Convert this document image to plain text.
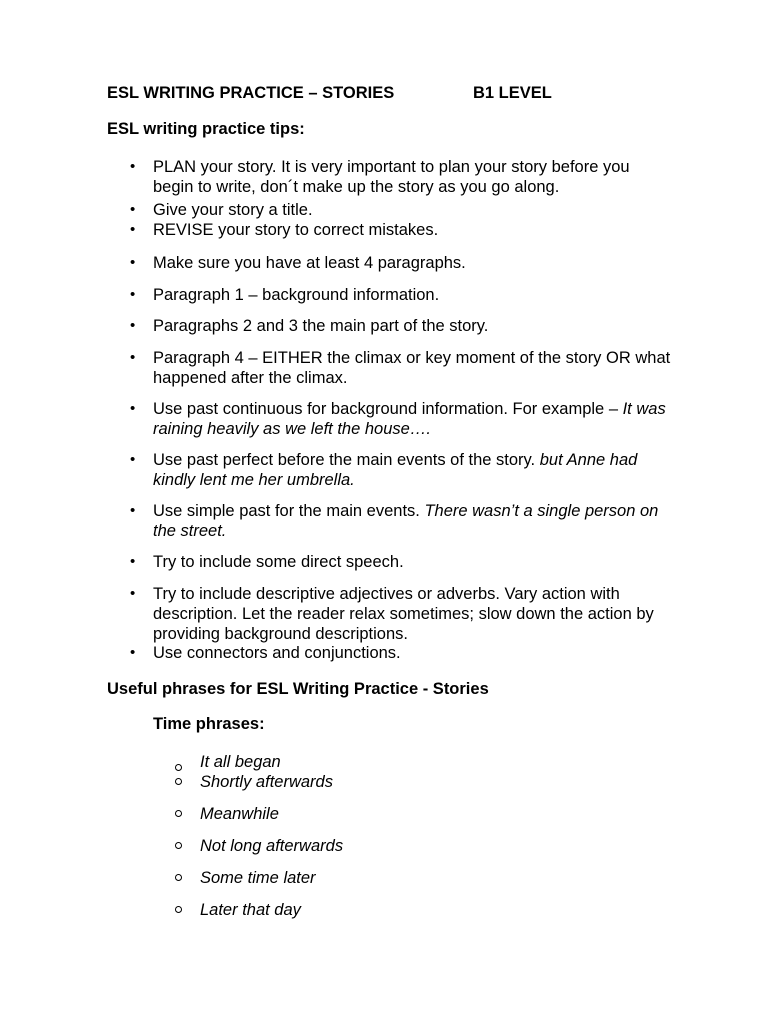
ESL WRITING PRACTICE – STORIES	B1 LEVEL
ESL writing practice tips:
• PLAN your story. It is very important to plan your story before you begin to write, don´t make up the story as you go along.
• Give your story a title.
• REVISE your story to correct mistakes.
• Make sure you have at least 4 paragraphs.
• Paragraph 1 – background information.
• Paragraphs 2 and 3 the main part of the story.
• Paragraph 4 – EITHER the climax or key moment of the story OR what happened after the climax.
• Use past continuous for background information. For example – It was raining heavily as we left the house….
• Use past perfect before the main events of the story. but Anne had kindly lent me her umbrella.
• Use simple past for the main events. There wasn’t a single person on the street.
• Try to include some direct speech.
• Try to include descriptive adjectives or adverbs. Vary action with description. Let the reader relax sometimes; slow down the action by providing background descriptions.
• Use connectors and conjunctions.
Useful phrases for ESL Writing Practice - Stories
Time phrases:
It all began
Shortly afterwards
Meanwhile
Not long afterwards
Some time later
Later that day
